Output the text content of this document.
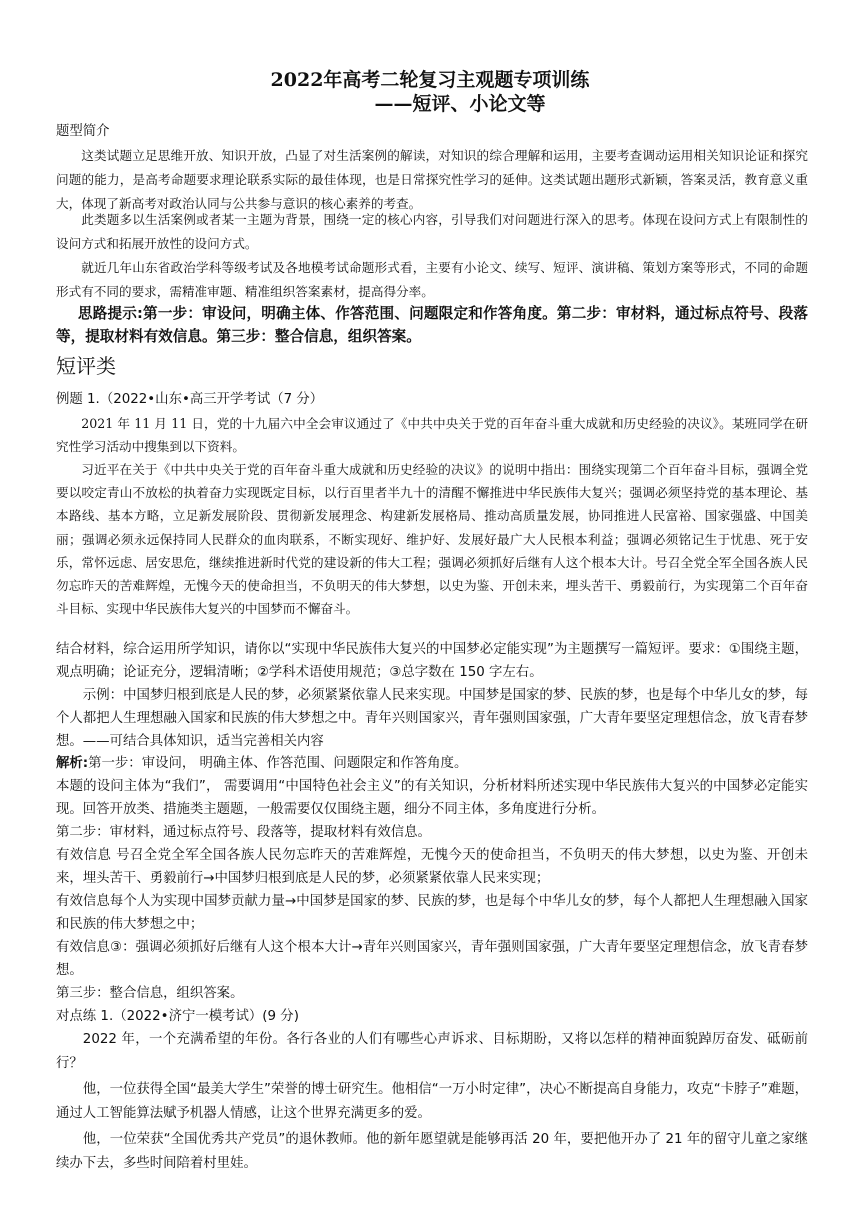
2022年高考二轮复习主观题专项训练
——短评、小论文等

题型简介

这类试题立足思维开放、知识开放，凸显了对生活案例的解读，对知识的综合理解和运用，主要考查调动运用相关知识论证和探究问题的能力，是高考命题要求理论联系实际的最佳体现，也是日常探究性学习的延伸。这类试题出题形式新颖，答案灵活，教育意义重大，体现了新高考对政治认同与公共参与意识的核心素养的考查。

此类题多以生活案例或者某一主题为背景，围绕一定的核心内容，引导我们对问题进行深入的思考。体现在设问方式上有限制性的设问方式和拓展开放性的设问方式。

就近几年山东省政治学科等级考试及各地模考试命题形式看，主要有小论文、续写、短评、演讲稿、策划方案等形式，不同的命题形式有不同的要求，需精准审题、精准组织答案素材，提高得分率。

思路提示:第一步：审设问，明确主体、作答范围、问题限定和作答角度。第二步：审材料，通过标点符号、段落等，提取材料有效信息。第三步：整合信息，组织答案。

短评类

例题 1.（2022•山东•高三开学考试（7 分）

2021 年 11 月 11 日，党的十九届六中全会审议通过了《中共中央关于党的百年奋斗重大成就和历史经验的决议》。某班同学在研究性学习活动中搜集到以下资料。

习近平在关于《中共中央关于党的百年奋斗重大成就和历史经验的决议》的说明中指出：围绕实现第二个百年奋斗目标，强调全党要以咬定青山不放松的执着奋力实现既定目标，以行百里者半九十的清醒不懈推进中华民族伟大复兴；强调必须坚持党的基本理论、基本路线、基本方略，立足新发展阶段、贯彻新发展理念、构建新发展格局、推动高质量发展，协同推进人民富裕、国家强盛、中国美丽；强调必须永远保持同人民群众的血肉联系，不断实现好、维护好、发展好最广大人民根本利益；强调必须铭记生于忧患、死于安乐，常怀远虑、居安思危，继续推进新时代党的建设新的伟大工程；强调必须抓好后继有人这个根本大计。号召全党全军全国各族人民勿忘昨天的苦难辉煌，无愧今天的使命担当，不负明天的伟大梦想，以史为鉴、开创未来，埋头苦干、勇毅前行，为实现第二个百年奋斗目标、实现中华民族伟大复兴的中国梦而不懈奋斗。

结合材料，综合运用所学知识，请你以“实现中华民族伟大复兴的中国梦必定能实现”为主题撰写一篇短评。要求：①围绕主题，观点明确；论证充分，逻辑清晰；②学科术语使用规范；③总字数在 150 字左右。

示例：中国梦归根到底是人民的梦，必须紧紧依靠人民来实现。中国梦是国家的梦、民族的梦，也是每个中华儿女的梦，每个人都把人生理想融入国家和民族的伟大梦想之中。青年兴则国家兴，青年强则国家强，广大青年要坚定理想信念，放飞青春梦想。——可结合具体知识，适当完善相关内容

解析:第一步：审设问， 明确主体、作答范围、问题限定和作答角度。

本题的设问主体为“我们”， 需要调用“中国特色社会主义”的有关知识，分析材料所述实现中华民族伟大复兴的中国梦必定能实现。回答开放类、措施类主题题，一般需要仅仅围绕主题，细分不同主体，多角度进行分析。

第二步：审材料，通过标点符号、段落等，提取材料有效信息。

有效信息 号召全党全军全国各族人民勿忘昨天的苦难辉煌，无愧今天的使命担当，不负明天的伟大梦想，以史为鉴、开创未来，埋头苦干、勇毅前行→中国梦归根到底是人民的梦，必须紧紧依靠人民来实现；

有效信息每个人为实现中国梦贡献力量→中国梦是国家的梦、民族的梦，也是每个中华儿女的梦，每个人都把人生理想融入国家和民族的伟大梦想之中；

有效信息③：强调必须抓好后继有人这个根本大计→青年兴则国家兴，青年强则国家强，广大青年要坚定理想信念，放飞青春梦想。

第三步：整合信息，组织答案。

对点练 1.（2022•济宁一模考试）(9 分)

2022 年，一个充满希望的年份。各行各业的人们有哪些心声诉求、目标期盼，又将以怎样的精神面貌踔厉奋发、砥砺前行？

他，一位获得全国“最美大学生”荣誉的博士研究生。他相信“一万小时定律”，决心不断提高自身能力，攻克“卡脖子”难题，通过人工智能算法赋予机器人情感，让这个世界充满更多的爱。

他，一位荣获“全国优秀共产党员”的退休教师。他的新年愿望就是能够再活 20 年，要把他开办了 21 年的留守儿童之家继续办下去，多些时间陪着村里娃。
